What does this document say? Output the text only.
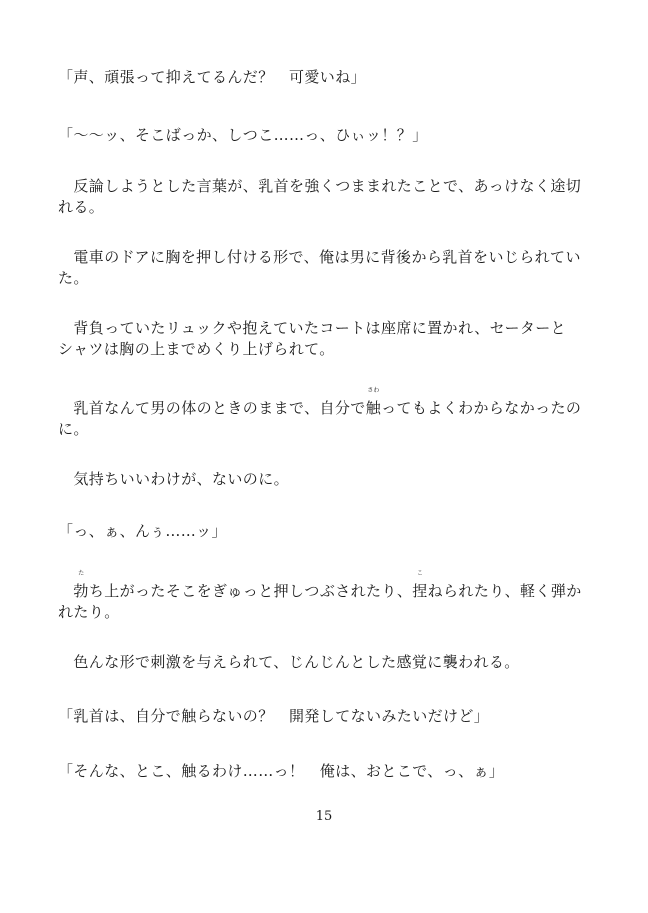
「声、頑張って抑えてるんだ？　可愛いね」
「〜〜ッ、そこばっか、しつこ……っ、ひぃッ！？」
　反論しようとした言葉が、乳首を強くつままれたことで、あっけなく途切
れる。
　電車のドアに胸を押し付ける形で、俺は男に背後から乳首をいじられてい
た。
　背負っていたリュックや抱えていたコートは座席に置かれ、セーターと
シャツは胸の上までめくり上げられて。
　乳首なんて男の体のときのままで、自分で
さわ
触ってもよくわからなかったの
に。
　気持ちいいわけが、ないのに。
「っ、ぁ、んぅ……ッ」

た
勃ち上がったそこをぎゅっと押しつぶされたり、
こ
捏ねられたり、軽く弾か
れたり。
　色んな形で刺激を与えられて、じんじんとした感覚に襲われる。
「乳首は、自分で触らないの？　開発してないみたいだけど」
「そんな、とこ、触るわけ……っ！　俺は、おとこで、っ、ぁ」
15
